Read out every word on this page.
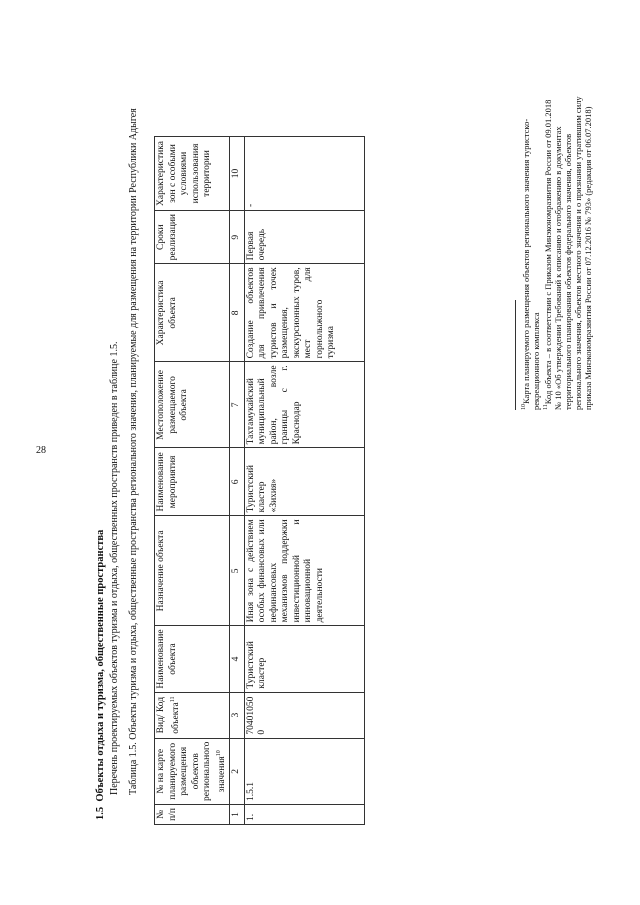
28
1.5  Объекты отдыха и туризма, общественные пространства Перечень проектируемых объектов туризма и отдыха, общественных пространств приведен в таблице 1.5. Таблица 1.5. Объекты туризма и отдыха, общественные пространства регионального значения, планируемые для размещения на территории Республики Адыгея
№ п/п	№ на карте планируемого размещения объектов регионального значения$^{10}$	Вид/ Код объекта$^{11}$	Наименование объекта	Назначение объекта	Наименование мероприятия	Местоположение размещаемого объекта	Характеристика объекта	Сроки реализации	Характеристика зон с особыми условиями использования территории
1	2	3	4	5	6	7	8	9	10
1.	1.5.1	704010500	Туристский кластер	Иная зона с действием особых финансовых или нефинансовых механизмов поддержки инвестиционной и инновационной деятельности	Туристский кластер «Зихия»	Тахтамукайский муниципальный район, возле границы с г. Краснодар	Создание объектов для привлечения туристов и точек размещения, экскурсионных туров, мест для горнолыжного туризма	Первая очередь	-
$^{10}$Карта планируемого размещения объектов регионального значения туристско-рекреационного комплекса $^{11}$Код объекта – в соответствии с Приказом Минэкономразвития России от 09.01.2018 № 10 «Об утверждении Требований к описанию и отображению в документах территориального планирования объектов федерального значения, объектов регионального значения, объектов местного значения и о признании утратившим силу приказа Минэкономразвития России от 07.12.2016 № 793» (редакция от 06.07.2018)
